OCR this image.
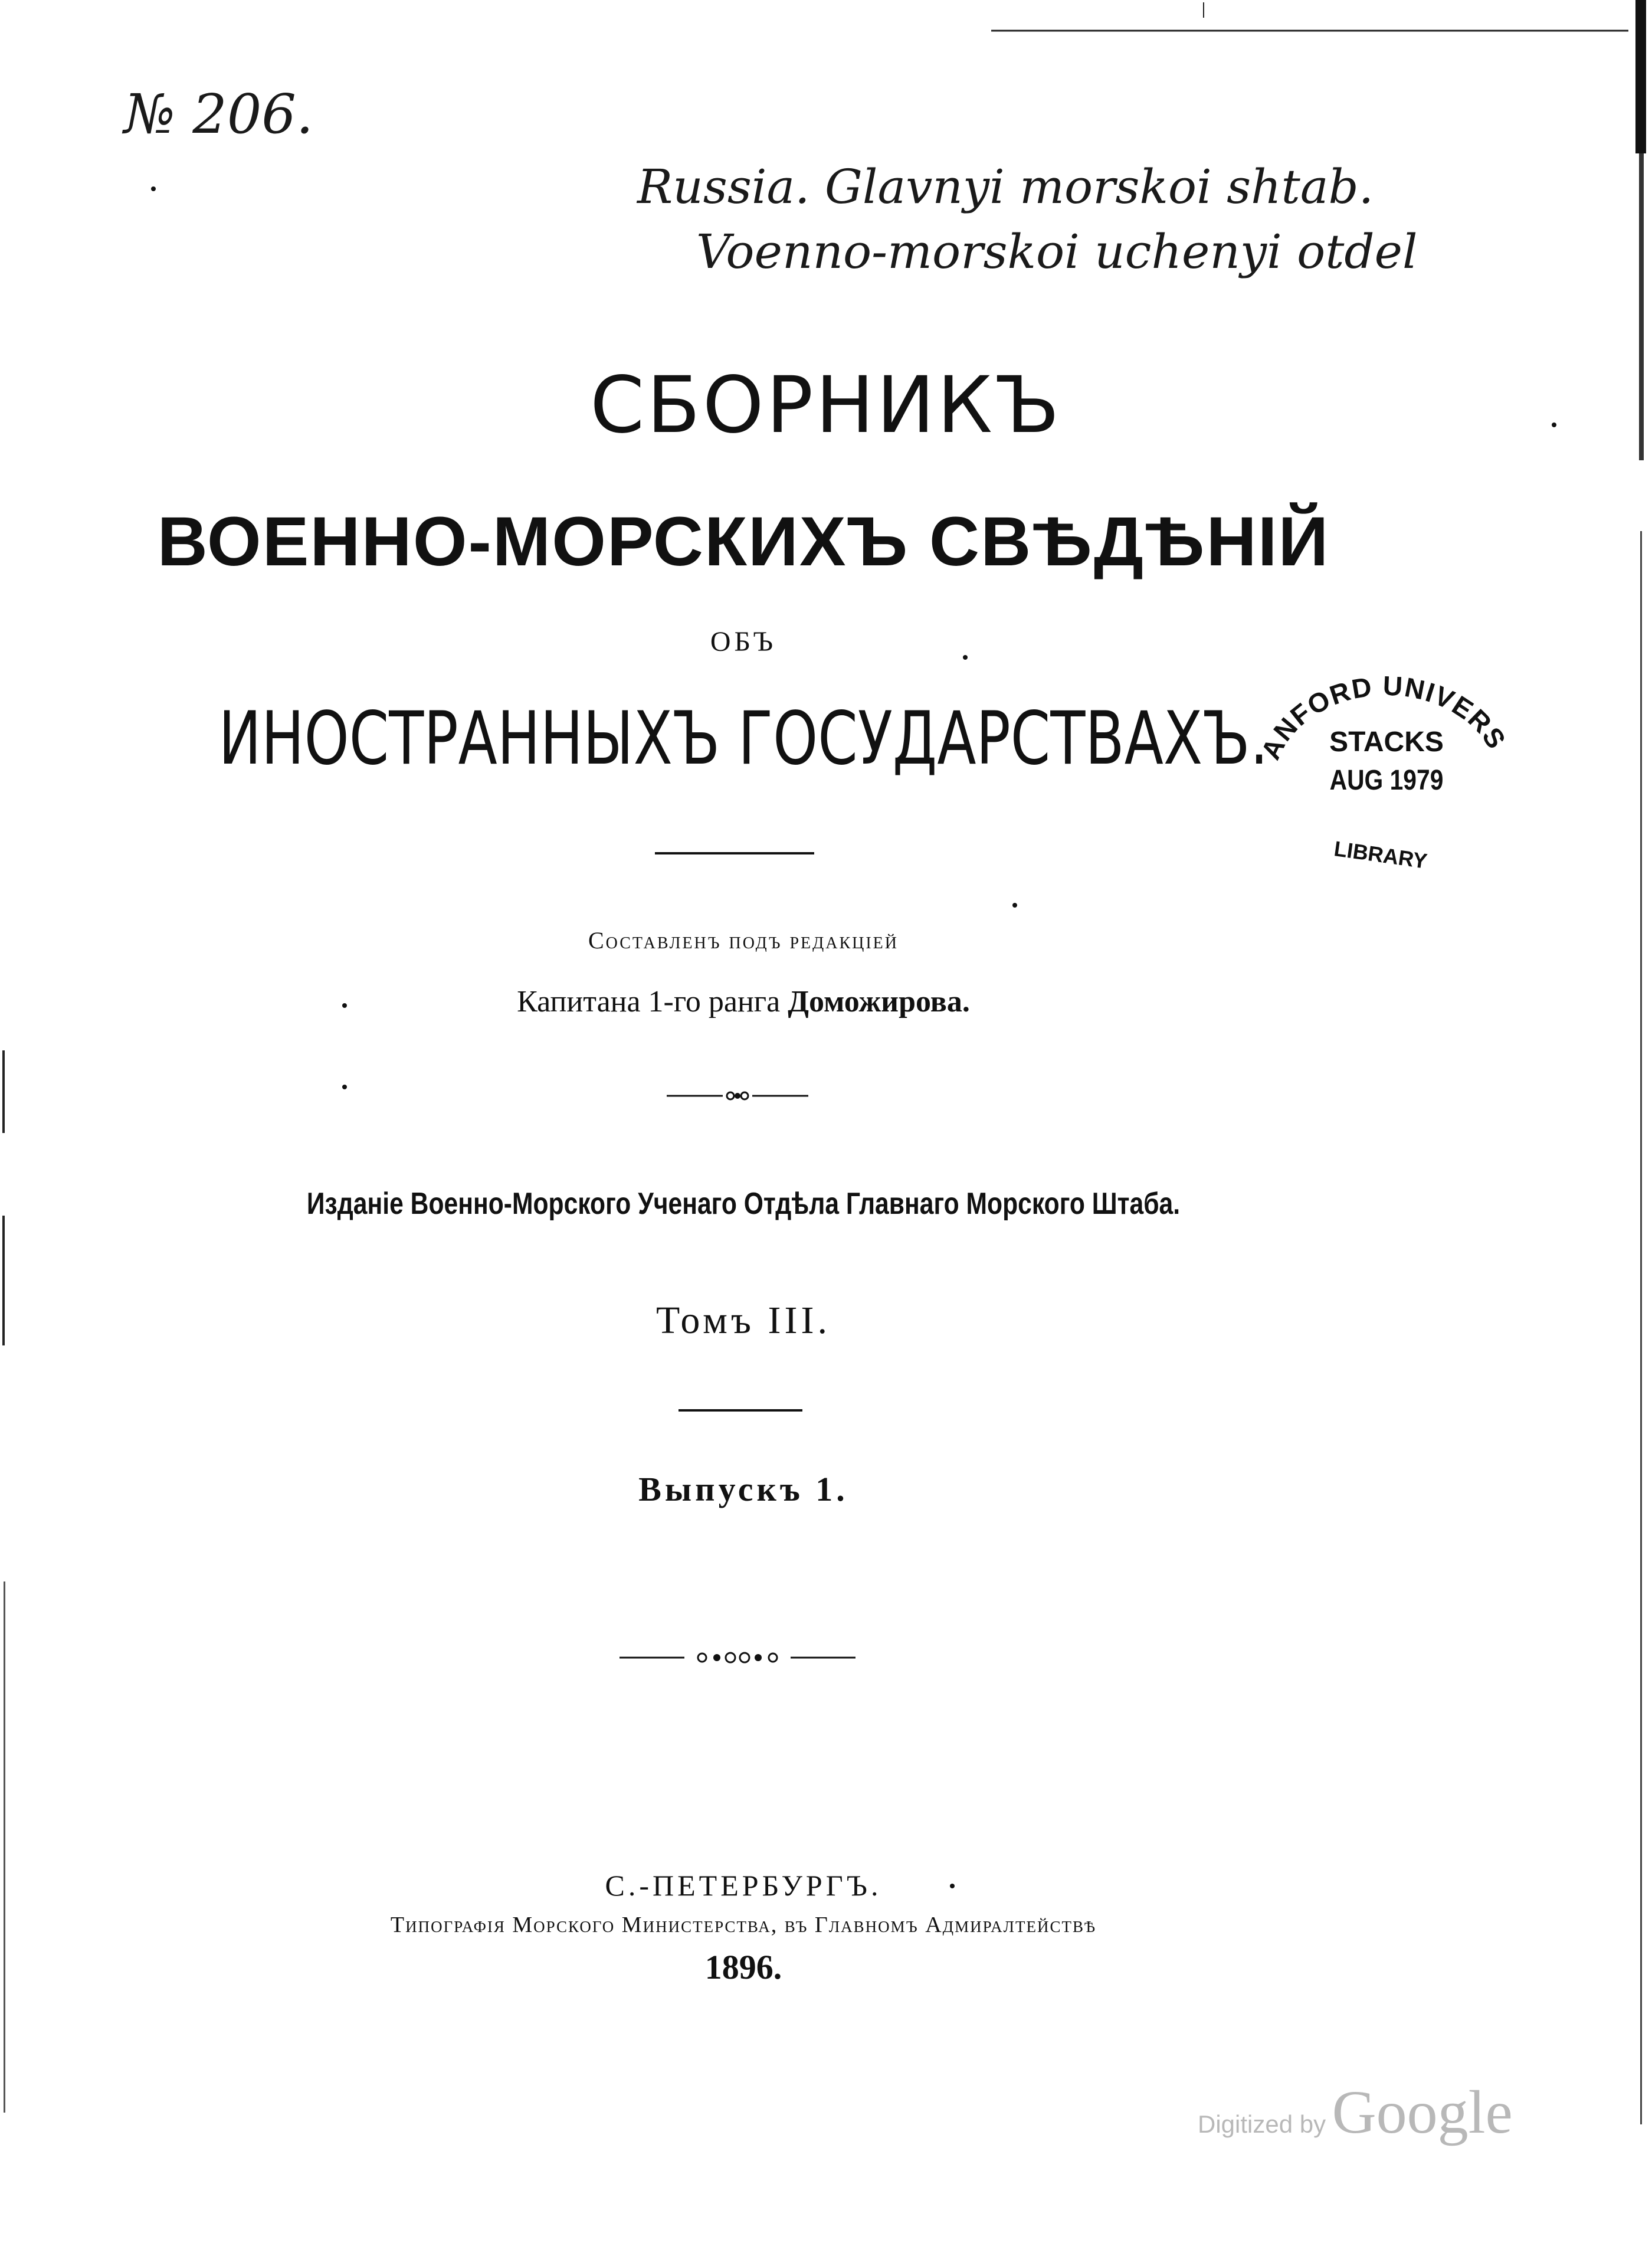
№ 206.
Russia. Glavnyi morskoi shtab.
Voenno-morskoi uchenyi otdel
СБОРНИКЪ
ВОЕННО-МОРСКИХЪ СВѢДѢНІЙ
ОБЪ
ИНОСТРАННЫХЪ ГОСУДАРСТВАХЪ.
Составленъ подъ редакціей
Капитана 1-го ранга Доможирова.
Изданіе Военно-Морского Ученаго Отдѣла Главнаго Морского Штаба.
Томъ III.
Выпускъ 1.
С.-ПЕТЕРБУРГЪ.
Типографія Морского Министерства, въ Главномъ Адмиралтействѣ
1896.
NFORD UNIVERS
STACKS
AUG 1979
LIBRARY
Digitized by Google
